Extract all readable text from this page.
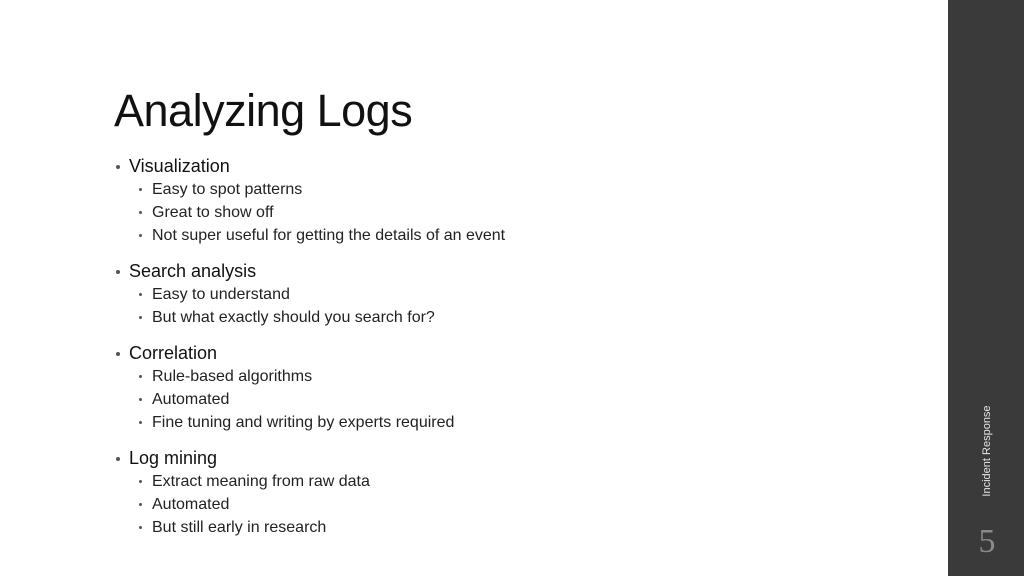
Analyzing Logs
Visualization
Easy to spot patterns
Great to show off
Not super useful for getting the details of an event
Search analysis
Easy to understand
But what exactly should you search for?
Correlation
Rule-based algorithms
Automated
Fine tuning and writing by experts required
Log mining
Extract meaning from raw data
Automated
But still early in research
Incident Response
5
